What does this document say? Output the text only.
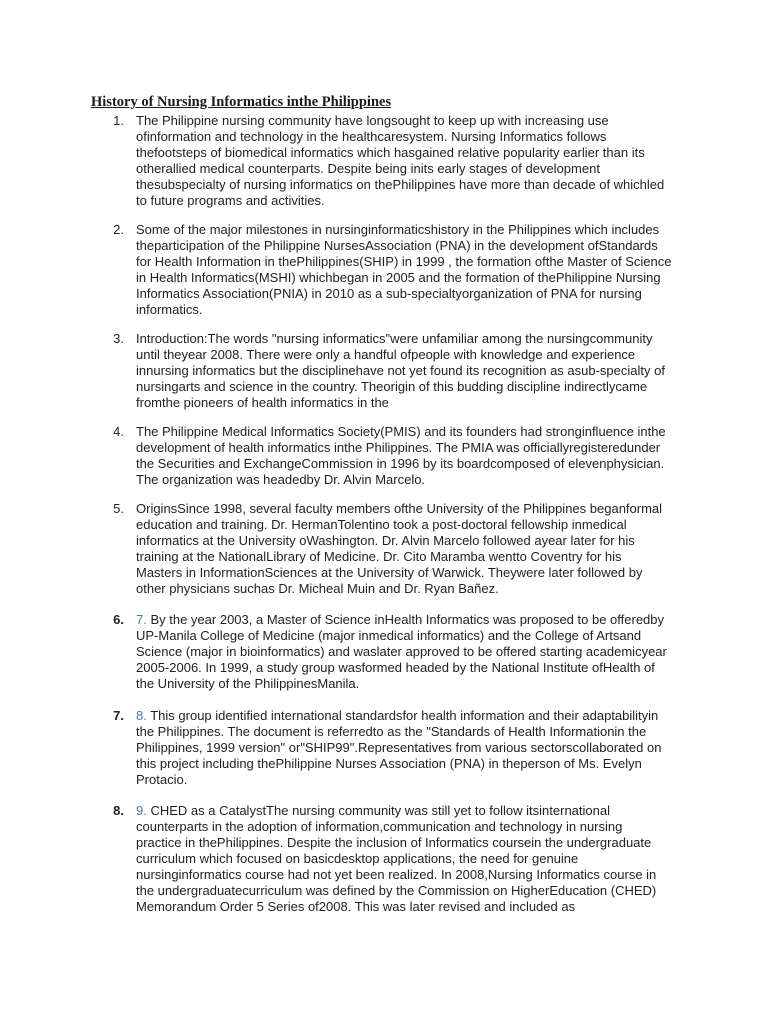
History of Nursing Informatics inthe Philippines
1. The Philippine nursing community have longsought to keep up with increasing use
ofinformation and technology in the healthcaresystem. Nursing Informatics follows
thefootsteps of biomedical informatics which hasgained relative popularity earlier than its
otherallied medical counterparts. Despite being inits early stages of development
thesubspecialty of nursing informatics on thePhilippines have more than decade of whichled
to future programs and activities.
2. Some of the major milestones in nursinginformaticshistory in the Philippines which includes
theparticipation of the Philippine NursesAssociation (PNA) in the development ofStandards
for Health Information in thePhilippines(SHIP) in 1999 , the formation ofthe Master of Science
in Health Informatics(MSHI) whichbegan in 2005 and the formation of thePhilippine Nursing
Informatics Association(PNIA) in 2010 as a sub-specialtyorganization of PNA for nursing
informatics.
3. Introduction:The words "nursing informatics"were unfamiliar among the nursingcommunity
until theyear 2008. There were only a handful ofpeople with knowledge and experience
innursing informatics but the disciplinehave not yet found its recognition as asub-specialty of
nursingarts and science in the country. Theorigin of this budding discipline indirectlycame
fromthe pioneers of health informatics in the
4. The Philippine Medical Informatics Society(PMIS) and its founders had stronginfluence inthe
development of health informatics inthe Philippines. The PMIA was officiallyregisteredunder
the Securities and ExchangeCommission in 1996 by its boardcomposed of elevenphysician.
The organization was headedby Dr. Alvin Marcelo.
5. OriginsSince 1998, several faculty members ofthe University of the Philippines beganformal
education and training. Dr. HermanTolentino took a post-doctoral fellowship inmedical
informatics at the University oWashington. Dr. Alvin Marcelo followed ayear later for his
training at the NationalLibrary of Medicine. Dr. Cito Maramba wentto Coventry for his
Masters in InformationSciences at the University of Warwick. Theywere later followed by
other physicians suchas Dr. Micheal Muin and Dr. Ryan Bañez.
6. 7. By the year 2003, a Master of Science inHealth Informatics was proposed to be offeredby
UP-Manila College of Medicine (major inmedical informatics) and the College of Artsand
Science (major in bioinformatics) and waslater approved to be offered starting academicyear
2005-2006. In 1999, a study group wasformed headed by the National Institute ofHealth of
the University of the PhilippinesManila.
7. 8. This group identified international standardsfor health information and their adaptabilityin
the Philippines. The document is referredto as the "Standards of Health Informationin the
Philippines, 1999 version" or"SHIP99".Representatives from various sectorscollaborated on
this project including thePhilippine Nurses Association (PNA) in theperson of Ms. Evelyn
Protacio.
8. 9. CHED as a CatalystThe nursing community was still yet to follow itsinternational
counterparts in the adoption of information,communication and technology in nursing
practice in thePhilippines. Despite the inclusion of Informatics coursein the undergraduate
curriculum which focused on basicdesktop applications, the need for genuine
nursinginformatics course had not yet been realized. In 2008,Nursing Informatics course in
the undergraduatecurriculum was defined by the Commission on HigherEducation (CHED)
Memorandum Order 5 Series of2008. This was later revised and included as
